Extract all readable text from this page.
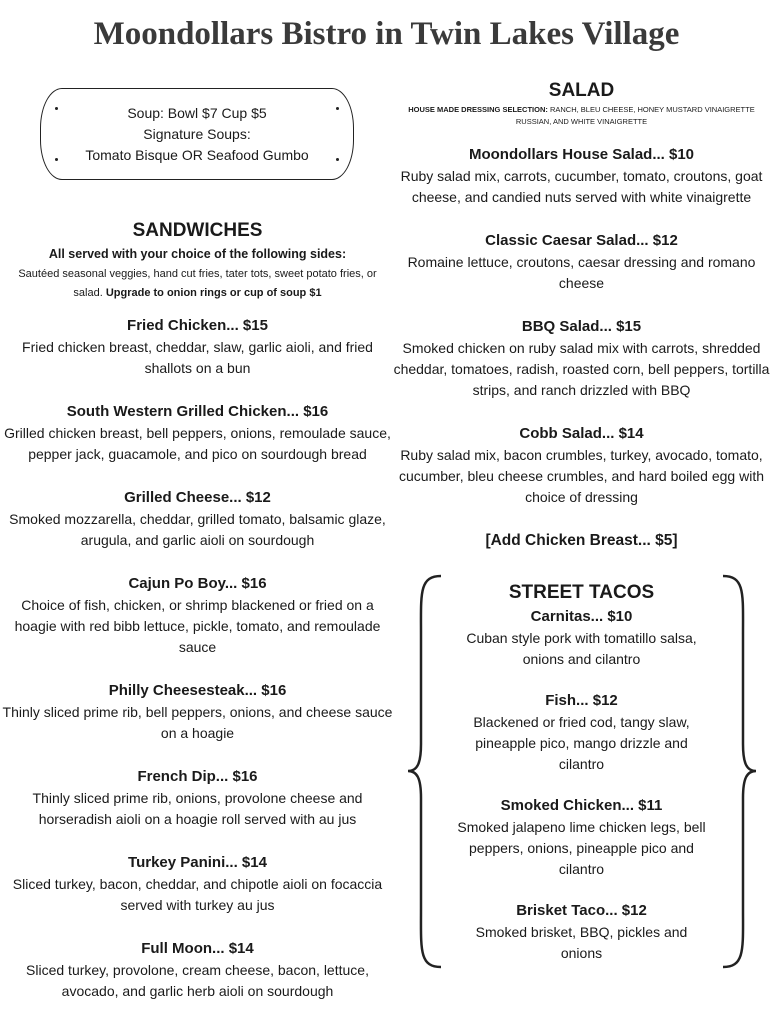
Moondollars Bistro in Twin Lakes Village
Soup: Bowl $7 Cup $5
Signature Soups:
Tomato Bisque OR Seafood Gumbo
SANDWICHES
All served with your choice of the following sides:
Sautéed seasonal veggies, hand cut fries, tater tots, sweet potato fries, or salad. Upgrade to onion rings or cup of soup $1
Fried Chicken... $15
Fried chicken breast, cheddar, slaw, garlic aioli, and fried shallots on a bun
South Western Grilled Chicken... $16
Grilled chicken breast, bell peppers, onions, remoulade sauce, pepper jack, guacamole, and pico on sourdough bread
Grilled Cheese... $12
Smoked mozzarella, cheddar, grilled tomato, balsamic glaze, arugula, and garlic aioli on sourdough
Cajun Po Boy... $16
Choice of fish, chicken, or shrimp blackened or fried on a hoagie with red bibb lettuce, pickle, tomato, and remoulade sauce
Philly Cheesesteak... $16
Thinly sliced prime rib, bell peppers, onions, and cheese sauce on a hoagie
French Dip... $16
Thinly sliced prime rib, onions, provolone cheese and horseradish aioli on a hoagie roll served with au jus
Turkey Panini... $14
Sliced turkey, bacon, cheddar, and chipotle aioli on focaccia served with turkey au jus
Full Moon... $14
Sliced turkey, provolone, cream cheese, bacon, lettuce, avocado, and garlic herb aioli on sourdough
SALAD
HOUSE MADE DRESSING SELECTION: RANCH, BLEU CHEESE, HONEY MUSTARD VINAIGRETTE RUSSIAN, AND WHITE VINAIGRETTE
Moondollars House Salad... $10
Ruby salad mix, carrots, cucumber, tomato, croutons, goat cheese, and candied nuts served with white vinaigrette
Classic Caesar Salad... $12
Romaine lettuce, croutons, caesar dressing and romano cheese
BBQ Salad... $15
Smoked chicken on ruby salad mix with carrots, shredded cheddar, tomatoes, radish, roasted corn, bell peppers, tortilla strips, and ranch drizzled with BBQ
Cobb Salad... $14
Ruby salad mix, bacon crumbles, turkey, avocado, tomato, cucumber, bleu cheese crumbles, and hard boiled egg with choice of dressing
[Add Chicken Breast... $5]
STREET TACOS
Carnitas... $10
Cuban style pork with tomatillo salsa, onions and cilantro
Fish... $12
Blackened or fried cod, tangy slaw, pineapple pico, mango drizzle and cilantro
Smoked Chicken... $11
Smoked jalapeno lime chicken legs, bell peppers, onions, pineapple pico and cilantro
Brisket Taco... $12
Smoked brisket, BBQ, pickles and onions
